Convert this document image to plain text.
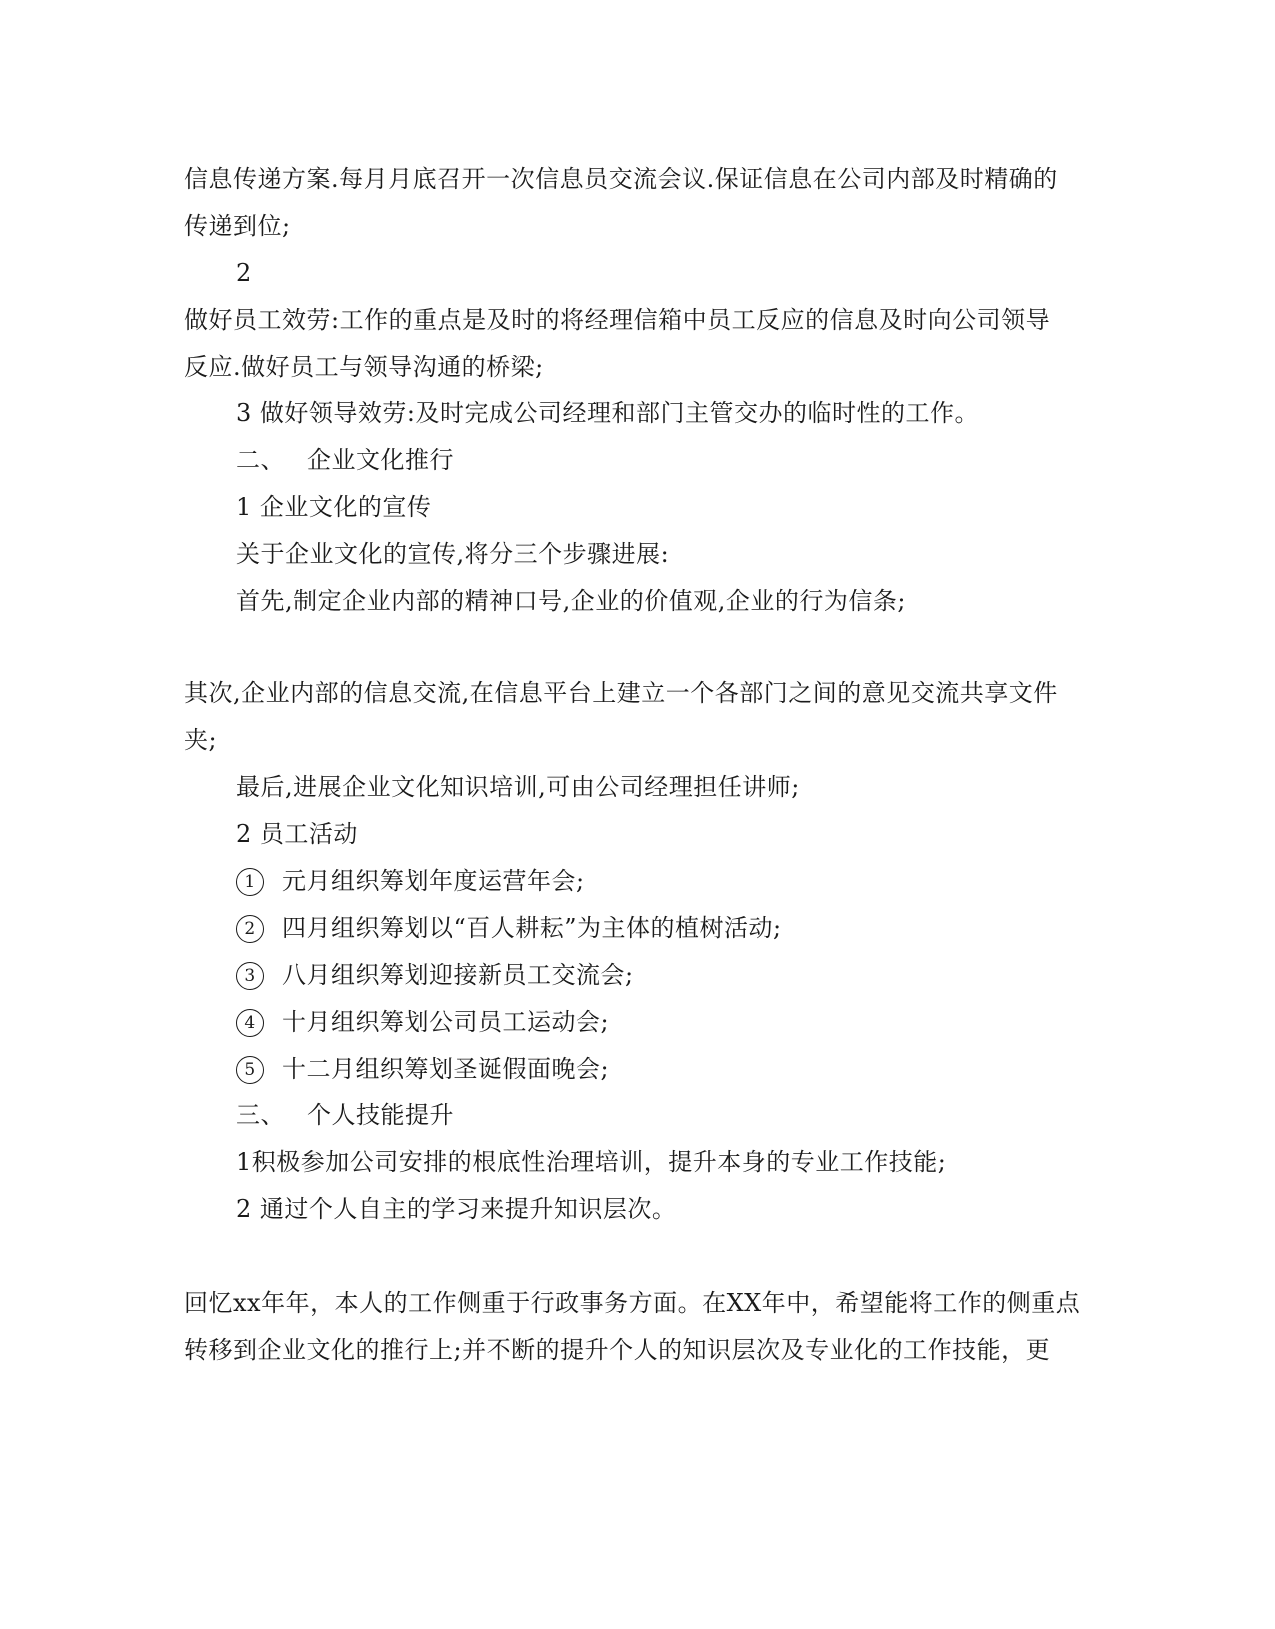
信息传递方案.每月月底召开一次信息员交流会议.保证信息在公司内部及时精确的
传递到位;
2
做好员工效劳:工作的重点是及时的将经理信箱中员工反应的信息及时向公司领导
反应.做好员工与领导沟通的桥梁;
3 做好领导效劳:及时完成公司经理和部门主管交办的临时性的工作。
二、 企业文化推行
1 企业文化的宣传
关于企业文化的宣传,将分三个步骤进展:
首先,制定企业内部的精神口号,企业的价值观,企业的行为信条;
其次,企业内部的信息交流,在信息平台上建立一个各部门之间的意见交流共享文件
夹;
最后,进展企业文化知识培训,可由公司经理担任讲师;
2 员工活动
1 元月组织筹划年度运营年会;
2 四月组织筹划以“百人耕耘”为主体的植树活动;
3 八月组织筹划迎接新员工交流会;
4 十月组织筹划公司员工运动会;
5 十二月组织筹划圣诞假面晚会;
三、 个人技能提升
1积极参加公司安排的根底性治理培训，提升本身的专业工作技能;
2 通过个人自主的学习来提升知识层次。
回忆xx年年，本人的工作侧重于行政事务方面。在XX年中，希望能将工作的侧重点
转移到企业文化的推行上;并不断的提升个人的知识层次及专业化的工作技能，更
